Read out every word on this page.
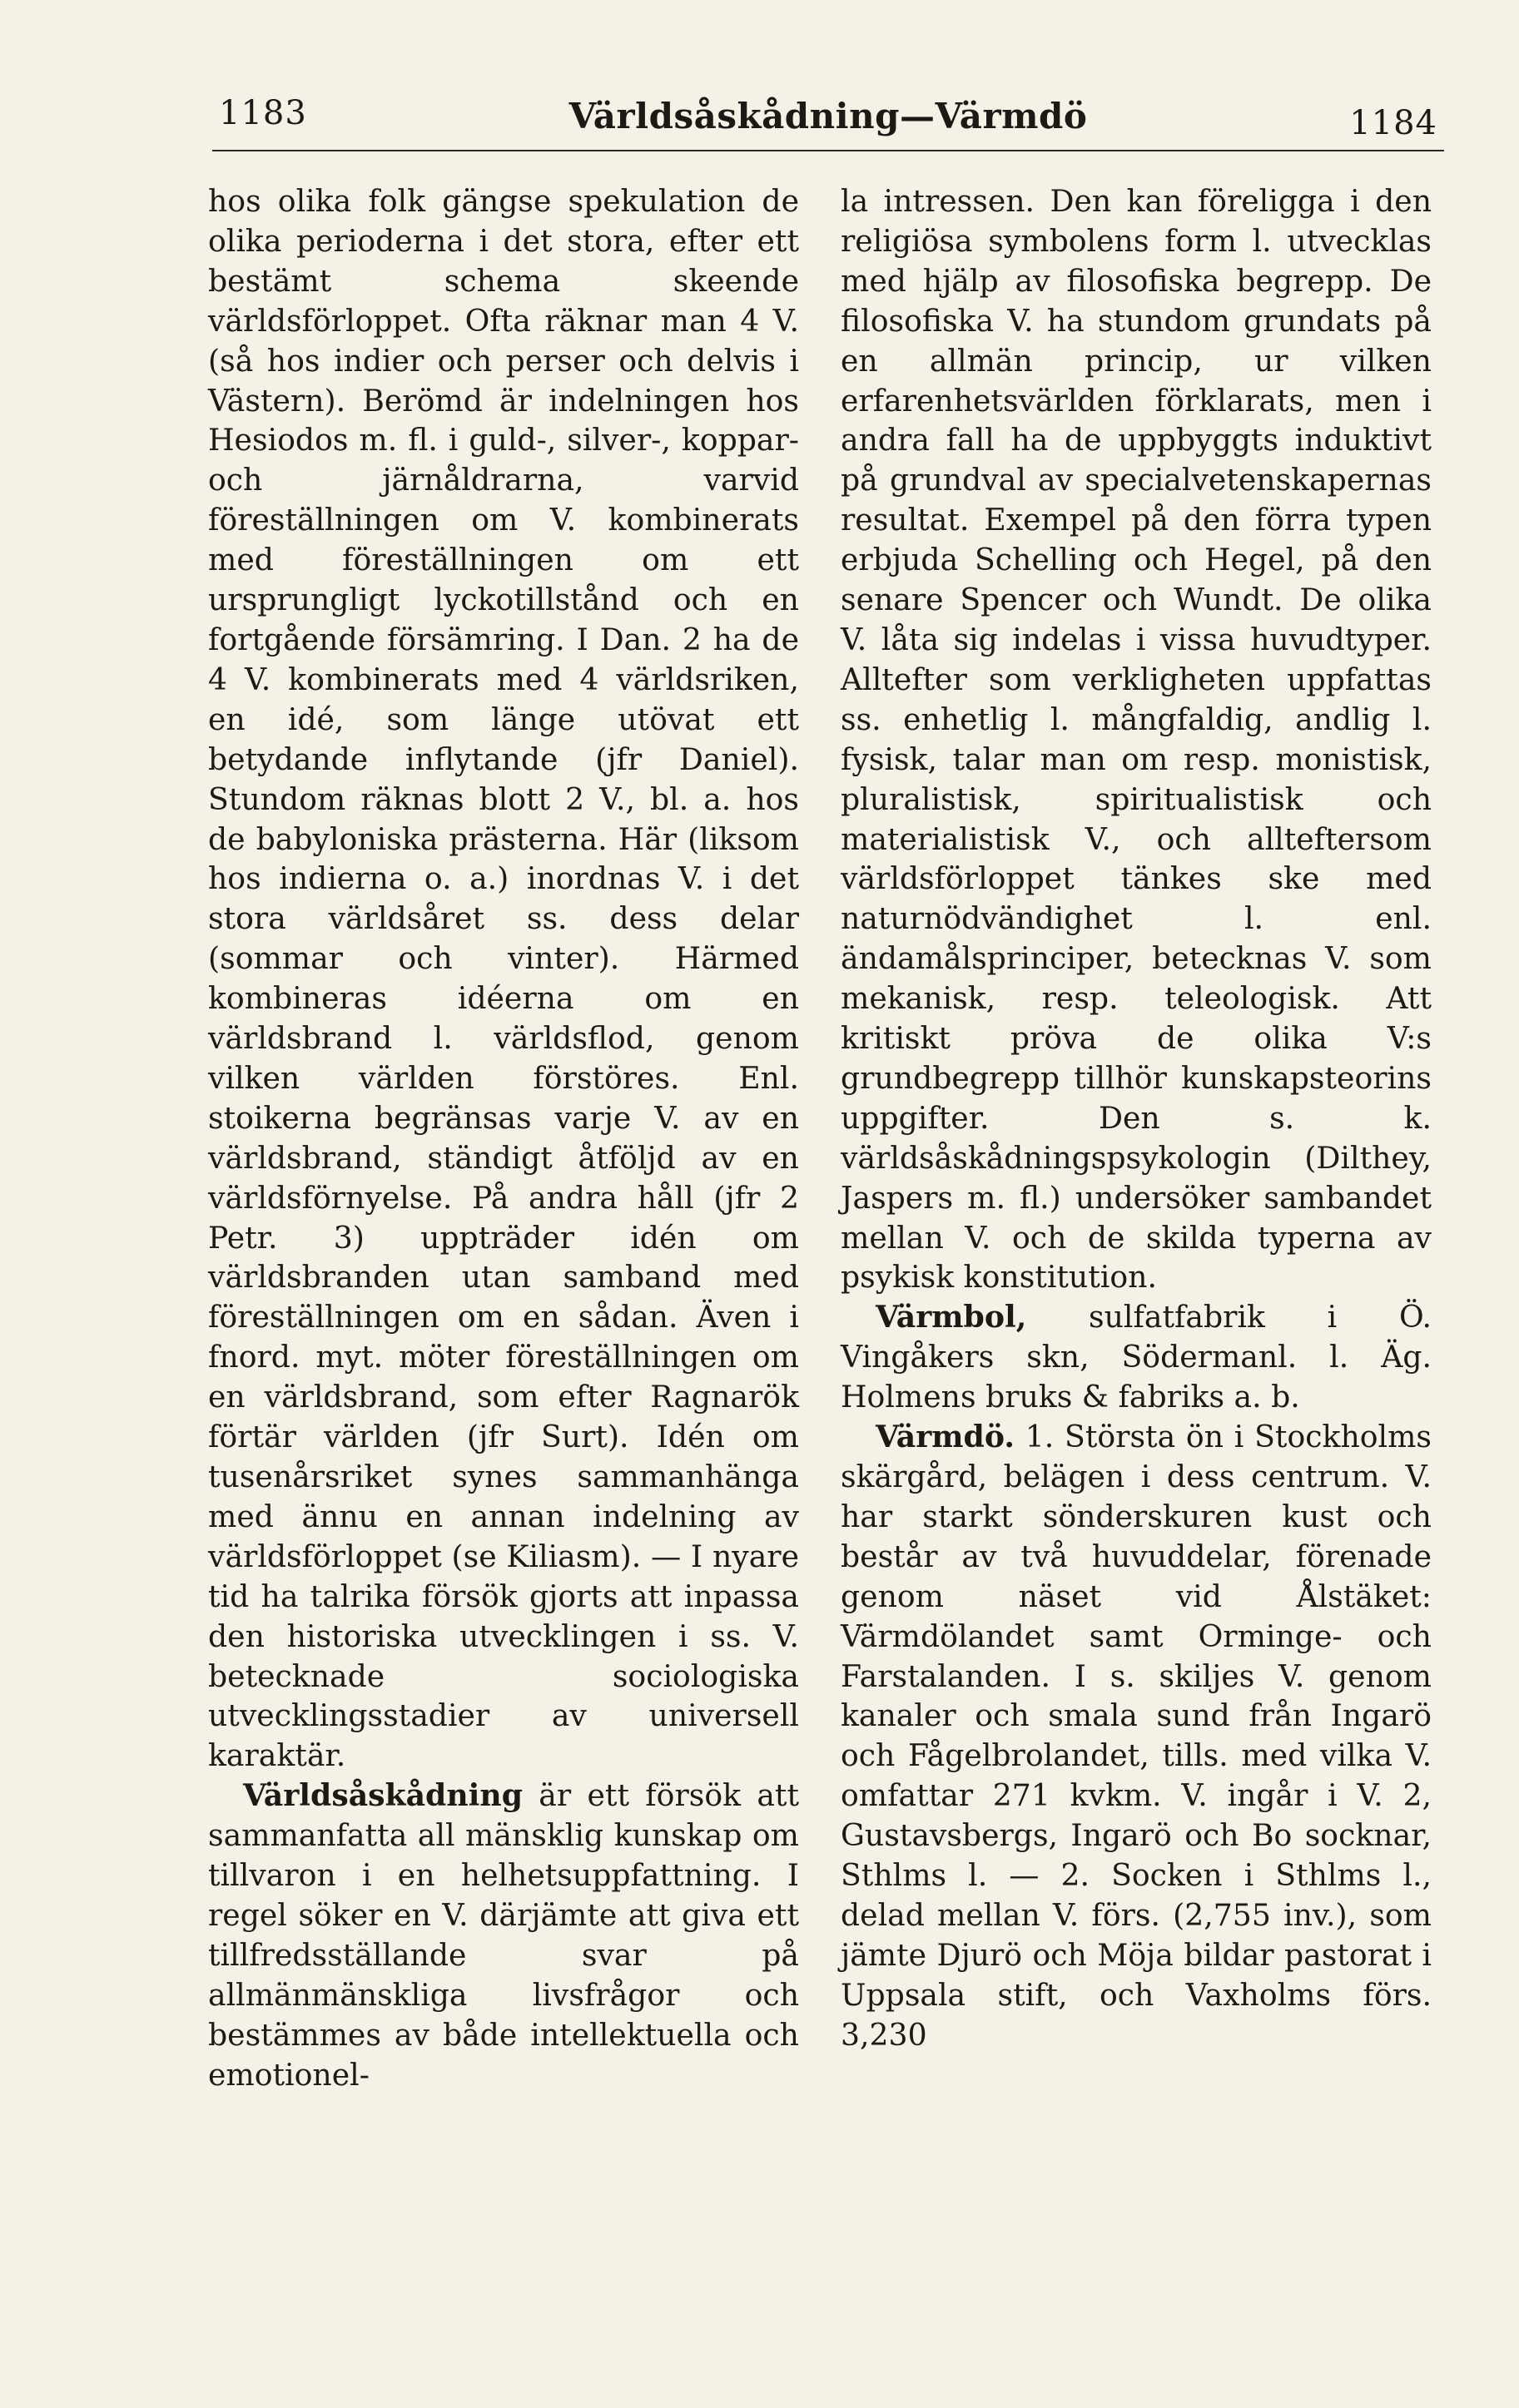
1183	Världsåskådning—Värmdö	1184

hos olika folk gängse spekulation de olika perioderna i det stora, efter ett bestämt schema skeende världsförloppet. Ofta räknar man 4 V. (så hos indier och perser och delvis i Västern). Berömd är indelningen hos Hesiodos m. fl. i guld-, silver-, koppar- och järnåldrarna, varvid föreställningen om V. kombinerats med föreställningen om ett ursprungligt lyckotillstånd och en fortgående försämring. I Dan. 2 ha de 4 V. kombinerats med 4 världsriken, en idé, som länge utövat ett betydande inflytande (jfr Daniel). Stundom räknas blott 2 V., bl. a. hos de babyloniska prästerna. Här (liksom hos indierna o. a.) inordnas V. i det stora världsåret ss. dess delar (sommar och vinter). Härmed kombineras idéerna om en världsbrand l. världsflod, genom vilken världen förstöres. Enl. stoikerna begränsas varje V. av en världsbrand, ständigt åtföljd av en världsförnyelse. På andra håll (jfr 2 Petr. 3) uppträder idén om världsbranden utan samband med föreställningen om en sådan. Även i fnord. myt. möter föreställningen om en världsbrand, som efter Ragnarök förtär världen (jfr Surt). Idén om tusenårsriket synes sammanhänga med ännu en annan indelning av världsförloppet (se Kiliasm). — I nyare tid ha talrika försök gjorts att inpassa den historiska utvecklingen i ss. V. betecknade sociologiska utvecklingsstadier av universell karaktär.

Världsåskådning är ett försök att sammanfatta all mänsklig kunskap om tillvaron i en helhetsuppfattning. I regel söker en V. därjämte att giva ett tillfredsställande svar på allmänmänskliga livsfrågor och bestämmes av både intellektuella och emotionel-

la intressen. Den kan föreligga i den religiösa symbolens form l. utvecklas med hjälp av filosofiska begrepp. De filosofiska V. ha stundom grundats på en allmän princip, ur vilken erfarenhetsvärlden förklarats, men i andra fall ha de uppbyggts induktivt på grundval av specialvetenskapernas resultat. Exempel på den förra typen erbjuda Schelling och Hegel, på den senare Spencer och Wundt. De olika V. låta sig indelas i vissa huvudtyper. Alltefter som verkligheten uppfattas ss. enhetlig l. mångfaldig, andlig l. fysisk, talar man om resp. monistisk, pluralistisk, spiritualistisk och materialistisk V., och allteftersom världsförloppet tänkes ske med naturnödvändighet l. enl. ändamålsprinciper, betecknas V. som mekanisk, resp. teleologisk. Att kritiskt pröva de olika V:s grundbegrepp tillhör kunskapsteorins uppgifter. Den s. k. världsåskådningspsykologin (Dilthey, Jaspers m. fl.) undersöker sambandet mellan V. och de skilda typerna av psykisk konstitution.

Värmbol, sulfatfabrik i Ö. Vingåkers skn, Södermanl. l. Äg. Holmens bruks & fabriks a. b.

Värmdö. 1. Största ön i Stockholms skärgård, belägen i dess centrum. V. har starkt sönderskuren kust och består av två huvuddelar, förenade genom näset vid Ålstäket: Värmdölandet samt Orminge- och Farstalanden. I s. skiljes V. genom kanaler och smala sund från Ingarö och Fågelbrolandet, tills. med vilka V. omfattar 271 kvkm. V. ingår i V. 2, Gustavsbergs, Ingarö och Bo socknar, Sthlms l. — 2. Socken i Sthlms l., delad mellan V. förs. (2,755 inv.), som jämte Djurö och Möja bildar pastorat i Uppsala stift, och Vaxholms förs. 3,230
